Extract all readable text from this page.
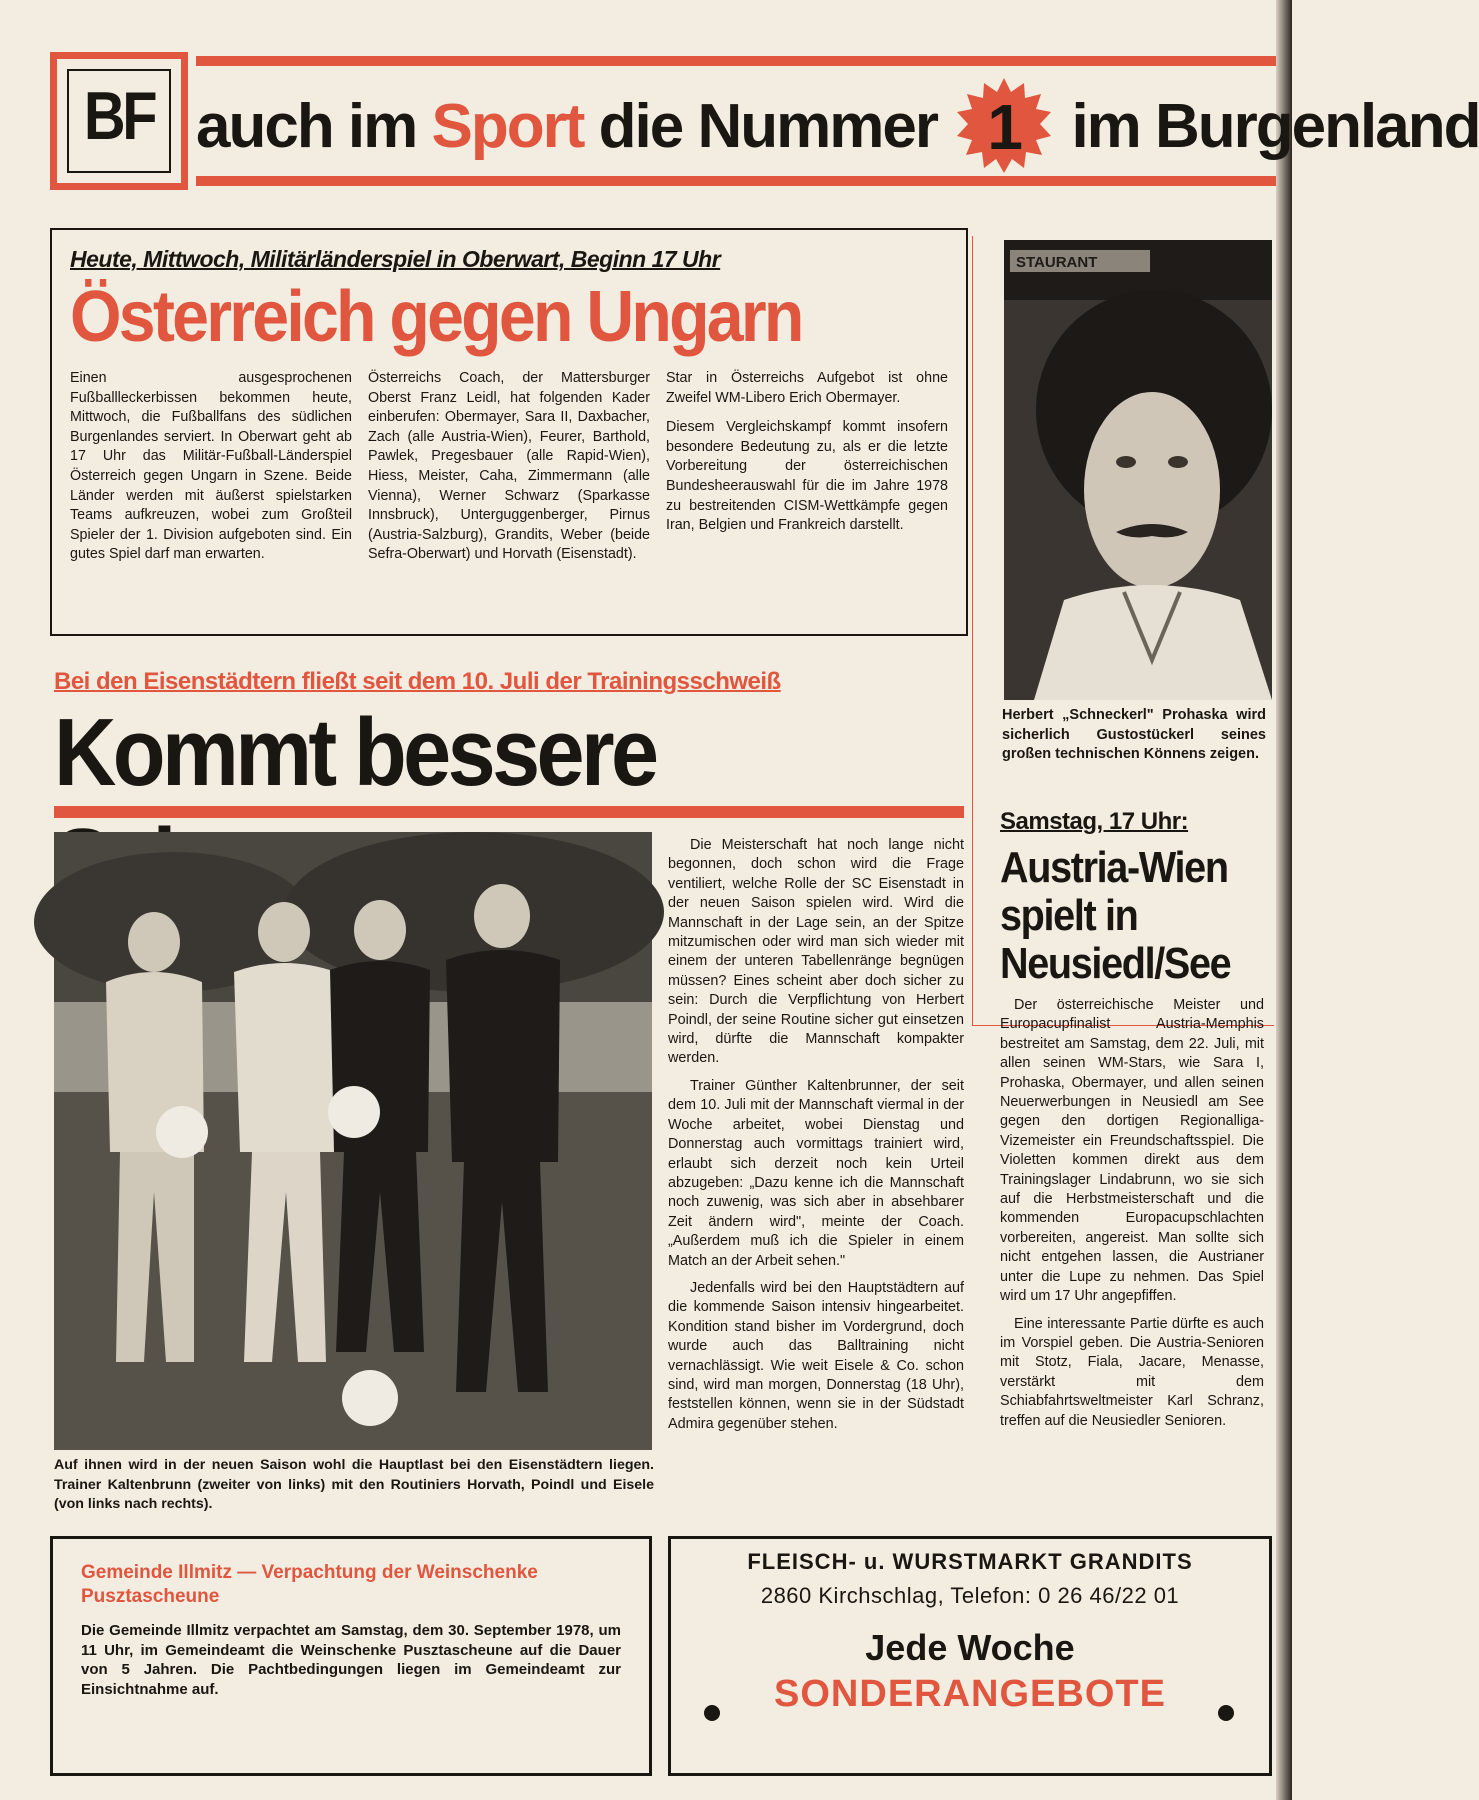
BF auch im Sport die Nummer 1 im Burgenland
Heute, Mittwoch, Militärländerspiel in Oberwart, Beginn 17 Uhr
Österreich gegen Ungarn

Einen ausgesprochenen Fußballleckerbissen bekommen heute, Mittwoch, die Fußballfans des südlichen Burgenlandes serviert. In Oberwart geht ab 17 Uhr das Militär-Fußball-Länderspiel Österreich gegen Ungarn in Szene. Beide Länder werden mit äußerst spielstarken Teams aufkreuzen, wobei zum Großteil Spieler der 1. Division aufgeboten sind. Ein gutes Spiel darf man erwarten.

Österreichs Coach, der Mattersburger Oberst Franz Leidl, hat folgenden Kader einberufen: Obermayer, Sara II, Daxbacher, Zach (alle Austria-Wien), Feurer, Barthold, Pawlek, Pregesbauer (alle Rapid-Wien), Hiess, Meister, Caha, Zimmermann (alle Vienna), Werner Schwarz (Sparkasse Innsbruck), Unterguggenberger, Pirnus (Austria-Salzburg), Grandits, Weber (beide Sefra-Oberwart) und Horvath (Eisenstadt).

Star in Österreichs Aufgebot ist ohne Zweifel WM-Libero Erich Obermayer.

Diesem Vergleichskampf kommt insofern besondere Bedeutung zu, als er die letzte Vorbereitung der österreichischen Bundesheerauswahl für die im Jahre 1978 zu bestreitenden CISM-Wettkämpfe gegen Iran, Belgien und Frankreich darstellt.

STAURANT
Herbert „Schneckerl" Prohaska wird sicherlich Gustostückerl seines großen technischen Könnens zeigen.
Bei den Eisenstädtern fließt seit dem 10. Juli der Trainingsschweiß
Kommt bessere
Auf ihnen wird in der neuen Saison wohl die Hauptlast bei den Eisenstädtern liegen. Trainer Kaltenbrunn (zweiter von links) mit den Routiniers Horvath, Poindl und Eisele (von links nach rechts).

Die Meisterschaft hat noch lange nicht begonnen, doch schon wird die Frage ventiliert, welche Rolle der SC Eisenstadt in der neuen Saison spielen wird. Wird die Mannschaft in der Lage sein, an der Spitze mitzumischen oder wird man sich wieder mit einem der unteren Tabellenränge begnügen müssen? Eines scheint aber doch sicher zu sein: Durch die Verpflichtung von Herbert Poindl, der seine Routine sicher gut einsetzen wird, dürfte die Mannschaft kompakter werden.

Trainer Günther Kaltenbrunner, der seit dem 10. Juli mit der Mannschaft viermal in der Woche arbeitet, wobei Dienstag und Donnerstag auch vormittags trainiert wird, erlaubt sich derzeit noch kein Urteil abzugeben: „Dazu kenne ich die Mannschaft noch zuwenig, was sich aber in absehbarer Zeit ändern wird", meinte der Coach. „Außerdem muß ich die Spieler in einem Match an der Arbeit sehen."

Jedenfalls wird bei den Hauptstädtern auf die kommende Saison intensiv hingearbeitet. Kondition stand bisher im Vordergrund, doch wurde auch das Balltraining nicht vernachlässigt. Wie weit Eisele & Co. schon sind, wird man morgen, Donnerstag (18 Uhr), feststellen können, wenn sie in der Südstadt Admira gegenüber stehen.

Samstag, 17 Uhr:
Austria-Wien spielt in Neusiedl/See

Der österreichische Meister und Europacupfinalist Austria-Memphis bestreitet am Samstag, dem 22. Juli, mit allen seinen WM-Stars, wie Sara I, Prohaska, Obermayer, und allen seinen Neuerwerbungen in Neusiedl am See gegen den dortigen Regionalliga-Vizemeister ein Freundschaftsspiel. Die Violetten kommen direkt aus dem Trainingslager Lindabrunn, wo sie sich auf die Herbstmeisterschaft und die kommenden Europacupschlachten vorbereiten, angereist. Man sollte sich nicht entgehen lassen, die Austrianer unter die Lupe zu nehmen. Das Spiel wird um 17 Uhr angepfiffen.

Eine interessante Partie dürfte es auch im Vorspiel geben. Die Austria-Senioren mit Stotz, Fiala, Jacare, Menasse, verstärkt mit dem Schiabfahrtsweltmeister Karl Schranz, treffen auf die Neusiedler Senioren.

Gemeinde Illmitz — Verpachtung der Weinschenke Pusztascheune
Die Gemeinde Illmitz verpachtet am Samstag, dem 30. September 1978, um 11 Uhr, im Gemeindeamt die Weinschenke Pusztascheune auf die Dauer von 5 Jahren. Die Pachtbedingungen liegen im Gemeindeamt zur Einsichtnahme auf.
FLEISCH- u. WURSTMARKT GRANDITS
2860 Kirchschlag, Telefon: 0 26 46/22 01
Jede Woche
SONDERANGEBOTE
